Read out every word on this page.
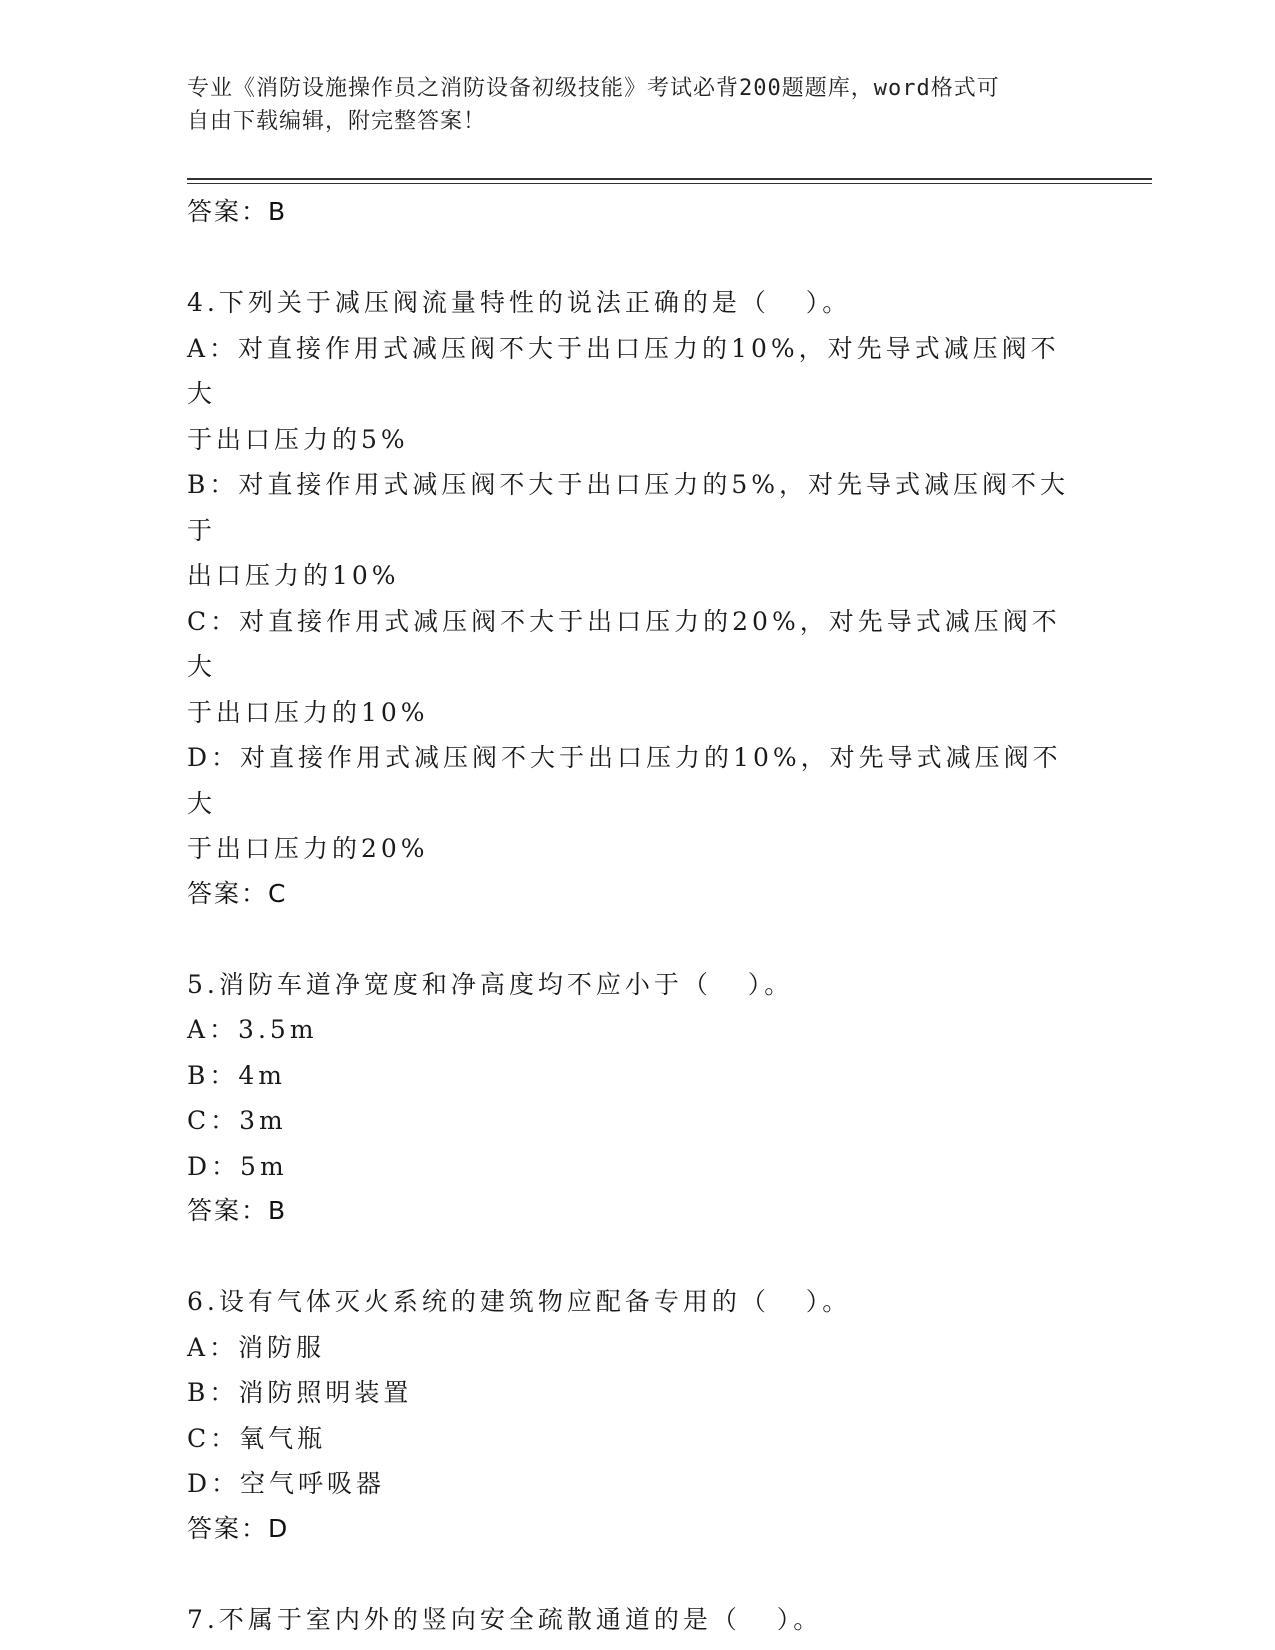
专业《消防设施操作员之消防设备初级技能》考试必背200题题库，word格式可
自由下载编辑，附完整答案！
答案：B
4.下列关于减压阀流量特性的说法正确的是（   ）。
A：对直接作用式减压阀不大于出口压力的10%，对先导式减压阀不大
于出口压力的5%
B：对直接作用式减压阀不大于出口压力的5%，对先导式减压阀不大于
出口压力的10%
C：对直接作用式减压阀不大于出口压力的20%，对先导式减压阀不大
于出口压力的10%
D：对直接作用式减压阀不大于出口压力的10%，对先导式减压阀不大
于出口压力的20%
答案：C
5.消防车道净宽度和净高度均不应小于（   ）。
A：3.5m
B：4m
C：3m
D：5m
答案：B
6.设有气体灭火系统的建筑物应配备专用的（   ）。
A：消防服
B：消防照明装置
C：氧气瓶
D：空气呼吸器
答案：D
7.不属于室内外的竖向安全疏散通道的是（   ）。
